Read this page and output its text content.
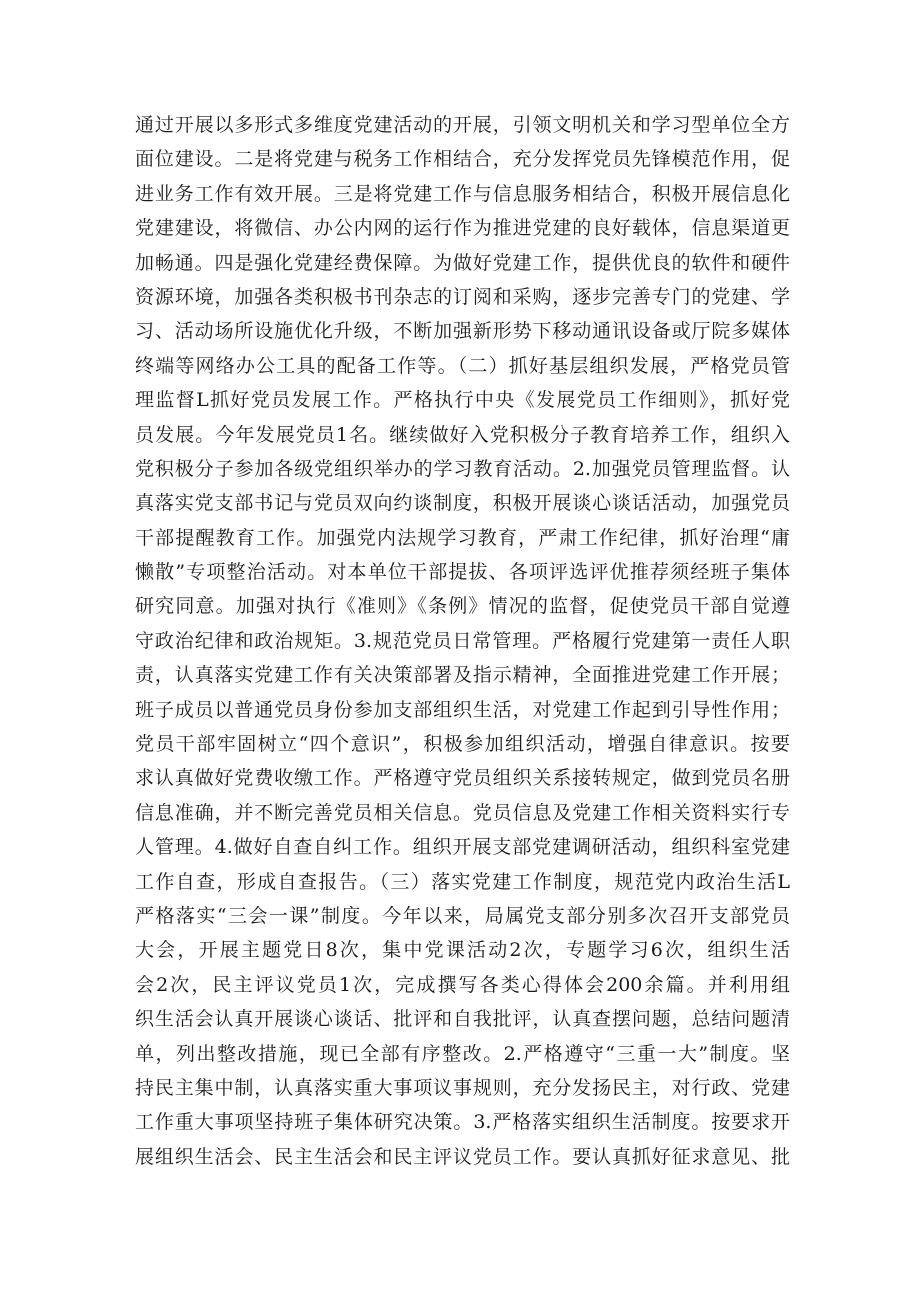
通过开展以多形式多维度党建活动的开展，引领文明机关和学习型单位全方
面位建设。二是将党建与税务工作相结合，充分发挥党员先锋模范作用，促
进业务工作有效开展。三是将党建工作与信息服务相结合，积极开展信息化
党建建设，将微信、办公内网的运行作为推进党建的良好载体，信息渠道更
加畅通。四是强化党建经费保障。为做好党建工作，提供优良的软件和硬件
资源环境，加强各类积极书刊杂志的订阅和采购，逐步完善专门的党建、学
习、活动场所设施优化升级，不断加强新形势下移动通讯设备或厅院多媒体
终端等网络办公工具的配备工作等。（二）抓好基层组织发展，严格党员管
理监督L抓好党员发展工作。严格执行中央《发展党员工作细则》，抓好党
员发展。今年发展党员1名。继续做好入党积极分子教育培养工作，组织入
党积极分子参加各级党组织举办的学习教育活动。2.加强党员管理监督。认
真落实党支部书记与党员双向约谈制度，积极开展谈心谈话活动，加强党员
干部提醒教育工作。加强党内法规学习教育，严肃工作纪律，抓好治理“庸
懒散”专项整治活动。对本单位干部提拔、各项评选评优推荐须经班子集体
研究同意。加强对执行《准则》《条例》情况的监督，促使党员干部自觉遵
守政治纪律和政治规矩。3.规范党员日常管理。严格履行党建第一责任人职
责，认真落实党建工作有关决策部署及指示精神，全面推进党建工作开展；
班子成员以普通党员身份参加支部组织生活，对党建工作起到引导性作用；
党员干部牢固树立“四个意识”，积极参加组织活动，增强自律意识。按要
求认真做好党费收缴工作。严格遵守党员组织关系接转规定，做到党员名册
信息准确，并不断完善党员相关信息。党员信息及党建工作相关资料实行专
人管理。4.做好自查自纠工作。组织开展支部党建调研活动，组织科室党建
工作自查，形成自查报告。（三）落实党建工作制度，规范党内政治生活L
严格落实“三会一课”制度。今年以来，局属党支部分别多次召开支部党员
大会，开展主题党日8次，集中党课活动2次，专题学习6次，组织生活
会2次，民主评议党员1次，完成撰写各类心得体会200余篇。并利用组
织生活会认真开展谈心谈话、批评和自我批评，认真查摆问题，总结问题清
单，列出整改措施，现已全部有序整改。2.严格遵守“三重一大”制度。坚
持民主集中制，认真落实重大事项议事规则，充分发扬民主，对行政、党建
工作重大事项坚持班子集体研究决策。3.严格落实组织生活制度。按要求开
展组织生活会、民主生活会和民主评议党员工作。要认真抓好征求意见、批
